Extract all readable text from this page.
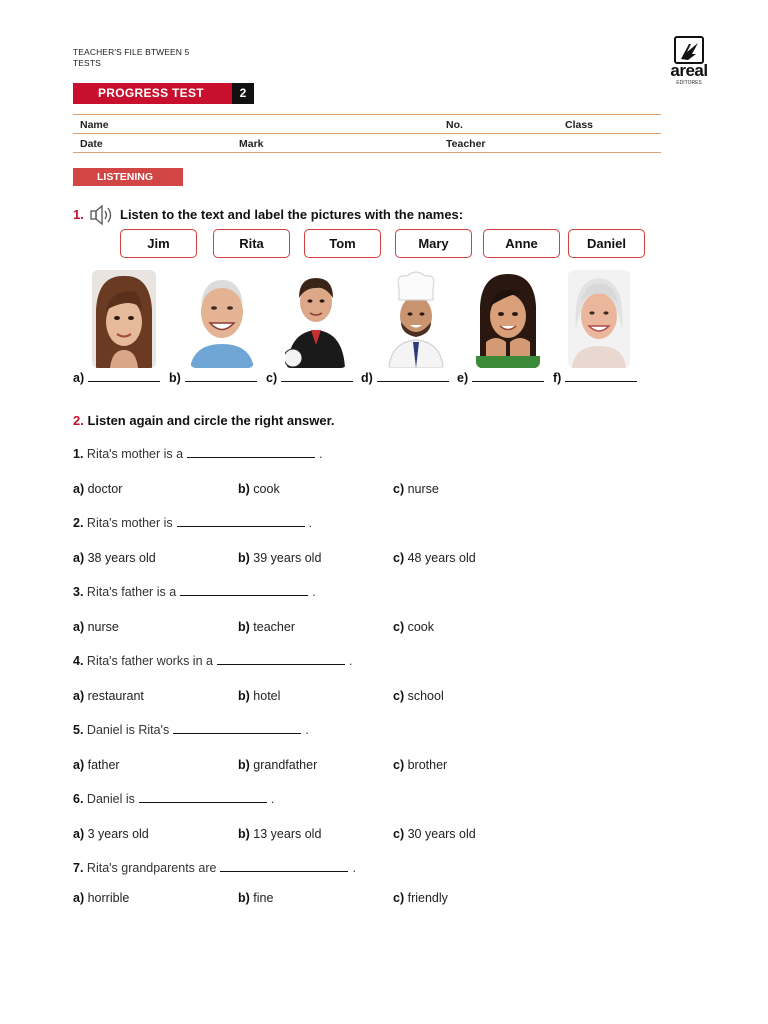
TEACHER'S FILE BTWEEN 5
TESTS	areal
EDITORES
PROGRESS TEST	2
Name	No.	Class
Date	Mark	Teacher
LISTENING
1.	Listen to the text and label the pictures with the names:
Jim	Rita	Tom	Mary	Anne	Daniel
a)	b)	c)	d)	e)	f)
2. Listen again and circle the right answer.
1. Rita's mother is a	.
a) doctor	b) cook	c) nurse
2. Rita's mother is	.
a) 38 years old	b) 39 years old	c) 48 years old
3. Rita's father is a	.
a) nurse	b) teacher	c) cook
4. Rita's father works in a	.
a) restaurant	b) hotel	c) school
5. Daniel is Rita's	.
a) father	b) grandfather	c) brother
6. Daniel is	.
a) 3 years old	b) 13 years old	c) 30 years old
7. Rita's grandparents are	.
a) horrible	b) fine	c) friendly
